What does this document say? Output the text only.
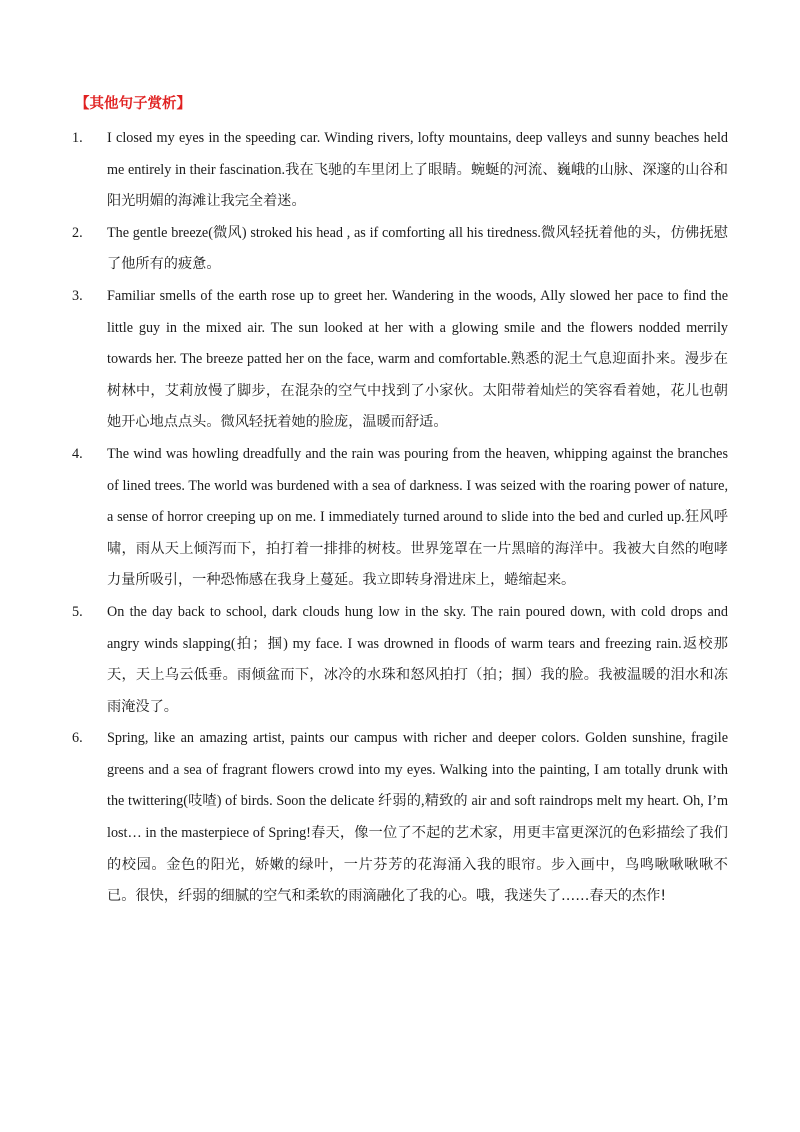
【其他句子赏析】
1. I closed my eyes in the speeding car. Winding rivers, lofty mountains, deep valleys and sunny beaches held me entirely in their fascination.我在飞驰的车里闭上了眼睛。蜿蜒的河流、巍峨的山脉、深邃的山谷和阳光明媚的海滩让我完全着迷。
2. The gentle breeze(微风) stroked his head , as if comforting all his tiredness.微风轻抚着他的头，仿佛抚慰了他所有的疲惫。
3. Familiar smells of the earth rose up to greet her. Wandering in the woods, Ally slowed her pace to find the little guy in the mixed air. The sun looked at her with a glowing smile and the flowers nodded merrily towards her. The breeze patted her on the face, warm and comfortable.熟悉的泥土气息迎面扑来。漫步在树林中，艾莉放慢了脚步，在混杂的空气中找到了小家伙。太阳带着灿烂的笑容看着她，花儿也朝她开心地点点头。微风轻抚着她的脸庞，温暖而舒适。
4. The wind was howling dreadfully and the rain was pouring from the heaven, whipping against the branches of lined trees. The world was burdened with a sea of darkness. I was seized with the roaring power of nature, a sense of horror creeping up on me. I immediately turned around to slide into the bed and curled up.狂风呼啸，雨从天上倾泻而下，拍打着一排排的树枝。世界笼罩在一片黑暗的海洋中。我被大自然的咆哮力量所吸引，一种恐怖感在我身上蔓延。我立即转身滑进床上，蜷缩起来。
5. On the day back to school, dark clouds hung low in the sky. The rain poured down, with cold drops and angry winds slapping(拍；掴) my face. I was drowned in floods of warm tears and freezing rain.返校那天，天上乌云低垂。雨倾盆而下，冰冷的水珠和怒风拍打（拍；掴）我的脸。我被温暖的泪水和冻雨淹没了。
6. Spring, like an amazing artist, paints our campus with richer and deeper colors. Golden sunshine, fragile greens and a sea of fragrant flowers crowd into my eyes. Walking into the painting, I am totally drunk with the twittering(吱喳) of birds. Soon the delicate 纤弱的,精致的 air and soft raindrops melt my heart. Oh, I’m lost… in the masterpiece of Spring!春天，像一位了不起的艺术家，用更丰富更深沉的色彩描绘了我们的校园。金色的阳光，娇嫩的绿叶，一片芬芳的花海涌入我的眼帘。步入画中，鸟鸣啾啾啾啾不已。很快，纤弱的细腻的空气和柔软的雨滴融化了我的心。哦，我迷失了……春天的杰作!
